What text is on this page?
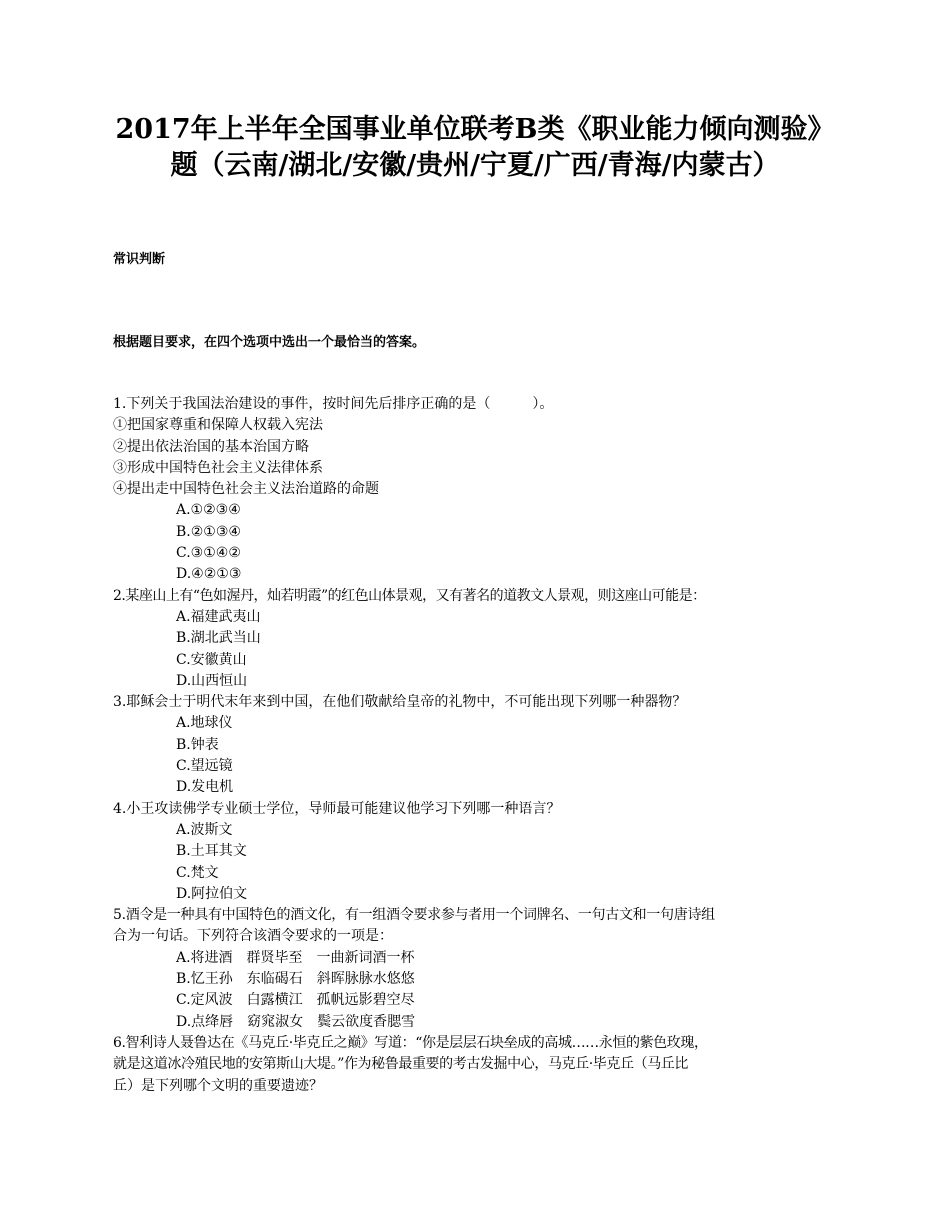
2017年上半年全国事业单位联考B类《职业能力倾向测验》
题（云南/湖北/安徽/贵州/宁夏/广西/青海/内蒙古）
常识判断
根据题目要求，在四个选项中选出一个最恰当的答案。
1.下列关于我国法治建设的事件，按时间先后排序正确的是（　　　）。
①把国家尊重和保障人权载入宪法
②提出依法治国的基本治国方略
③形成中国特色社会主义法律体系
④提出走中国特色社会主义法治道路的命题
A.①②③④
B.②①③④
C.③①④②
D.④②①③
2.某座山上有“色如渥丹，灿若明霞”的红色山体景观，又有著名的道教文人景观，则这座山可能是：
A.福建武夷山
B.湖北武当山
C.安徽黄山
D.山西恒山
3.耶稣会士于明代末年来到中国，在他们敬献给皇帝的礼物中，不可能出现下列哪一种器物？
A.地球仪
B.钟表
C.望远镜
D.发电机
4.小王攻读佛学专业硕士学位，导师最可能建议他学习下列哪一种语言？
A.波斯文
B.土耳其文
C.梵文
D.阿拉伯文
5.酒令是一种具有中国特色的酒文化，有一组酒令要求参与者用一个词牌名、一句古文和一句唐诗组
合为一句话。下列符合该酒令要求的一项是：
A.将进酒　群贤毕至　一曲新词酒一杯
B.忆王孙　东临碣石　斜晖脉脉水悠悠
C.定风波　白露横江　孤帆远影碧空尽
D.点绛唇　窈窕淑女　鬓云欲度香腮雪
6.智利诗人聂鲁达在《马克丘·毕克丘之巅》写道：“你是层层石块垒成的高城……永恒的紫色玫瑰，
就是这道冰冷殖民地的安第斯山大堤。”作为秘鲁最重要的考古发掘中心，马克丘·毕克丘（马丘比
丘）是下列哪个文明的重要遗迹？
